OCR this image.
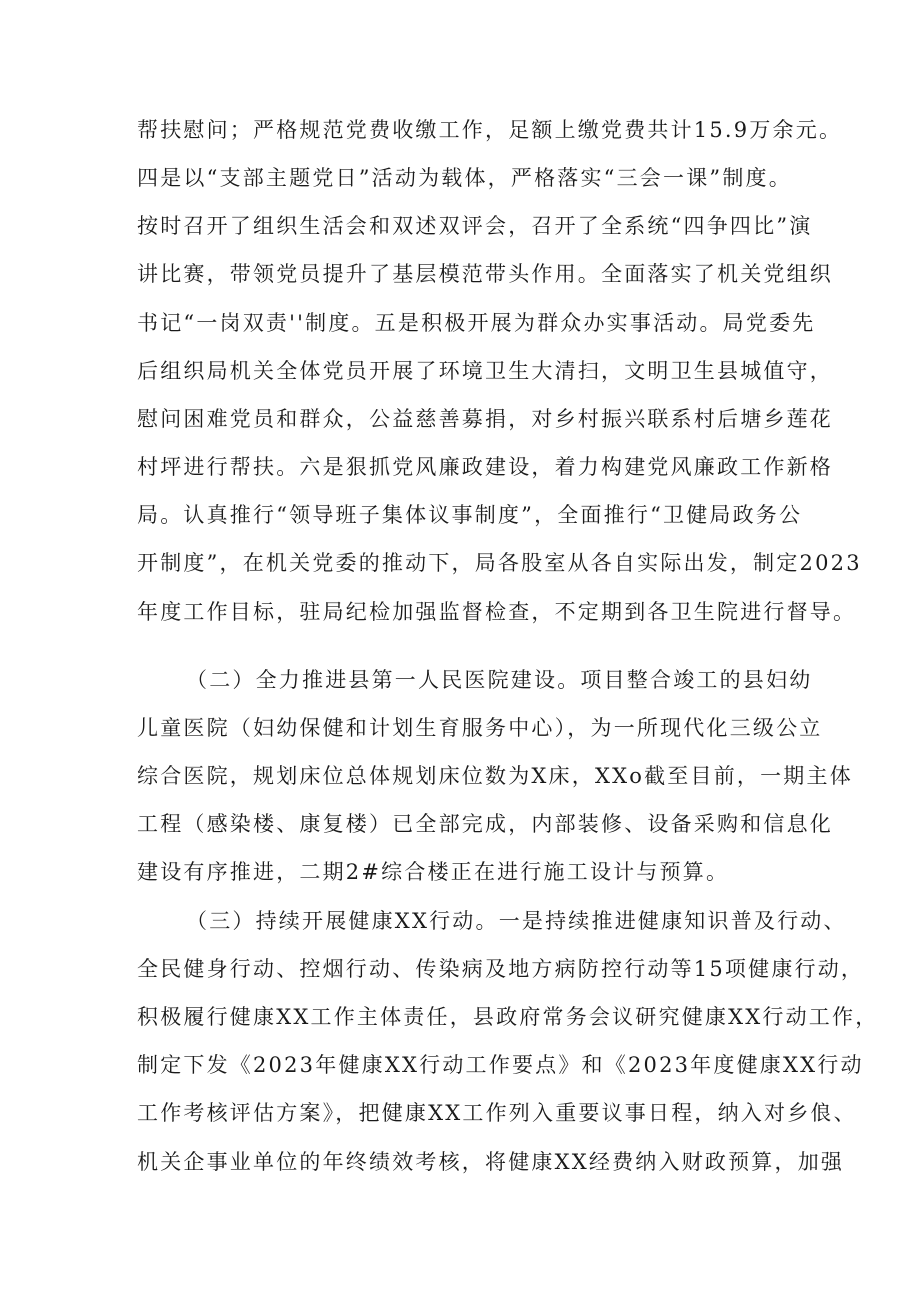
帮扶慰问；严格规范党费收缴工作，足额上缴党费共计15.9万余元。
四是以“支部主题党日”活动为载体，严格落实“三会一课”制度。
按时召开了组织生活会和双述双评会，召开了全系统“四争四比”演
讲比赛，带领党员提升了基层模范带头作用。全面落实了机关党组织
书记“一岗双责''制度。五是积极开展为群众办实事活动。局党委先
后组织局机关全体党员开展了环境卫生大清扫，文明卫生县城值守，
慰问困难党员和群众，公益慈善募捐，对乡村振兴联系村后塘乡莲花
村坪进行帮扶。六是狠抓党风廉政建设，着力构建党风廉政工作新格
局。认真推行“领导班子集体议事制度”，全面推行“卫健局政务公
开制度”，在机关党委的推动下，局各股室从各自实际出发，制定2023
年度工作目标，驻局纪检加强监督检查，不定期到各卫生院进行督导。
（二）全力推进县第一人民医院建设。项目整合竣工的县妇幼
儿童医院（妇幼保健和计划生育服务中心），为一所现代化三级公立
综合医院，规划床位总体规划床位数为X床，XXo截至目前，一期主体
工程（感染楼、康复楼）已全部完成，内部装修、设备采购和信息化
建设有序推进，二期2#综合楼正在进行施工设计与预算。
（三）持续开展健康XX行动。一是持续推进健康知识普及行动、
全民健身行动、控烟行动、传染病及地方病防控行动等15项健康行动，
积极履行健康XX工作主体责任，县政府常务会议研究健康XX行动工作，
制定下发《2023年健康XX行动工作要点》和《2023年度健康XX行动
工作考核评估方案》，把健康XX工作列入重要议事日程，纳入对乡俍、
机关企事业单位的年终绩效考核，将健康XX经费纳入财政预算，加强
